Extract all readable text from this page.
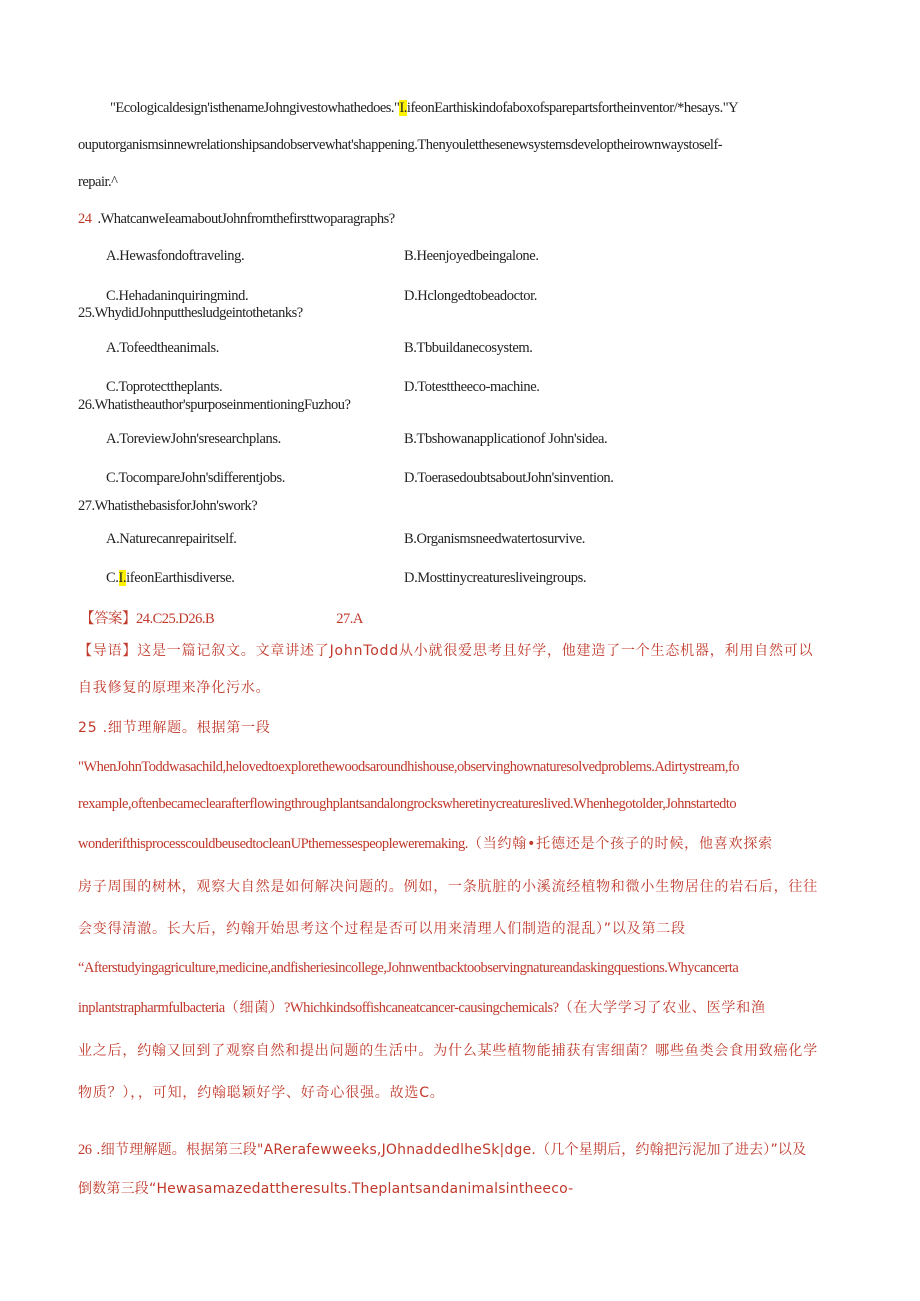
"Ecologicaldesign'isthenameJohngivestowhathedoes."I.ifeonEarthiskindofaboxofsparepartsfortheinventor/*hesays."Y
ouputorganismsinnewrelationshipsandobservewhat'shappening.Thenyouletthesenewsystemsdeveloptheirownwaystoself-
repair.^
24 .WhatcanweIeamaboutJohnfromthefirsttwoparagraphs?
A.Hewasfondoftraveling.	B.Heenjoyedbeingalone.
C.Hehadaninquiringmind.	D.Hclongedtobeadoctor.
25.WhydidJohnputthesludgeintothetanks?
A.Tofeedtheanimals.	B.Tbbuildanecosystem.
C.Toprotecttheplants.	D.Totesttheeco-machine.
26.Whatistheauthor'spurposeinmentioningFuzhou?
A.ToreviewJohn'sresearchplans.	B.Tbshowanapplicationof John'sidea.
C.TocompareJohn'sdifferentjobs.	D.ToerasedoubtsaboutJohn'sinvention.
27.WhatisthebasisforJohn'swork?
A.Naturecanrepairitself.	B.Organismsneedwatertosurvive.
C.I.ifeonEarthisdiverse.	D.Mosttinycreaturesliveingroups.
【答案】24.C25.D26.B	27.A
【导语】这是一篇记叙文。文章讲述了JohnTodd从小就很爱思考且好学，他建造了一个生态机器，利用自然可以
自我修复的原理来净化污水。
25 .细节理解题。根据第一段
"WhenJohnToddwasachild,helovedtoexplorethewoodsaroundhishouse,observinghownaturesolvedproblems.Adirtystream,fo
rexample,oftenbecameclearafterflowingthroughplantsandalongrockswheretinycreatureslived.Whenhegotolder,Johnstartedto
wonderifthisprocesscouldbeusedtocleanUPthemessespeopleweremaking.（当约翰•托德还是个孩子的时候，他喜欢探索
房子周围的树林，观察大自然是如何解决问题的。例如，一条肮脏的小溪流经植物和微小生物居住的岩石后，往往
会变得清澈。长大后，约翰开始思考这个过程是否可以用来清理人们制造的混乱）”以及第二段
“Afterstudyingagriculture,medicine,andfisheriesincollege,Johnwentbacktoobservingnatureandaskingquestions.Whycancerta
inplantstrapharmfulbacteria（细菌）?Whichkindsoffishcaneatcancer-causingchemicals?（在大学学习了农业、医学和渔
业之后，约翰又回到了观察自然和提出问题的生活中。为什么某些植物能捕获有害细菌？哪些鱼类会食用致癌化学
物质？），，可知，约翰聪颖好学、好奇心很强。故选C。
26 .细节理解题。根据第三段"ARerafewweeks,JOhnaddedlheSk|dge.（几个星期后，约翰把污泥加了进去）”以及
倒数第三段“Hewasamazedattheresults.Theplantsandanimalsintheeco-
